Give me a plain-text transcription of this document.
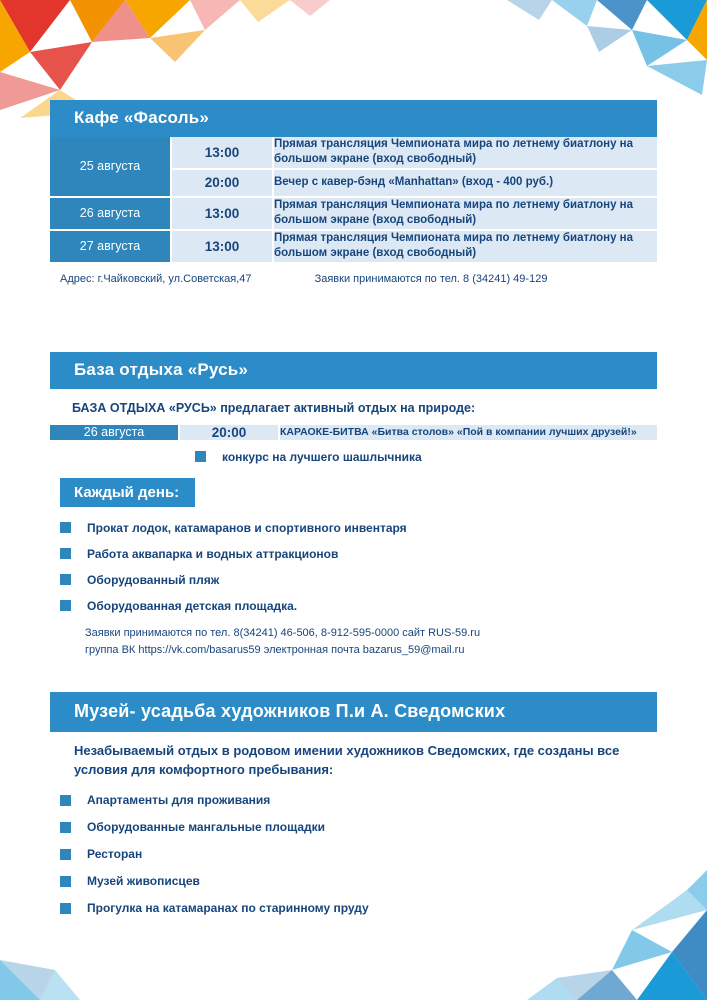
Кафе «Фасоль»
25 августа	13:00	Прямая трансляция Чемпионата мира по летнему биатлону на большом экране (вход свободный)
	20:00	Вечер с кавер-бэнд «Manhattan» (вход - 400 руб.)
26 августа	13:00	Прямая трансляция Чемпионата мира по летнему биатлону на большом экране (вход свободный)
27 августа	13:00	Прямая трансляция Чемпионата мира по летнему биатлону на большом экране (вход свободный)
Адрес: г.Чайковский, ул.Советская,47	Заявки принимаются по тел. 8 (34241) 49-129
База отдыха «Русь»
БАЗА ОТДЫХА «РУСЬ» предлагает активный отдых на природе:
26 августа	20:00	КАРАОКЕ-БИТВА «Битва столов» «Пой в компании лучших друзей!»
конкурс на лучшего шашлычника
Каждый день:
Прокат лодок, катамаранов и спортивного инвентаря
Работа аквапарка и водных аттракционов
Оборудованный пляж
Оборудованная детская площадка.
Заявки принимаются по тел. 8(34241) 46-506, 8-912-595-0000 сайт RUS-59.ru
группа ВК https://vk.com/basarus59 электронная почта bazarus_59@mail.ru
Музей- усадьба художников П.и А. Сведомских
Незабываемый отдых в родовом имении художников Сведомских, где созданы все условия для комфортного пребывания:
Апартаменты для проживания
Оборудованные мангальные площадки
Ресторан
Музей живописцев
Прогулка на катамаранах по старинному пруду
